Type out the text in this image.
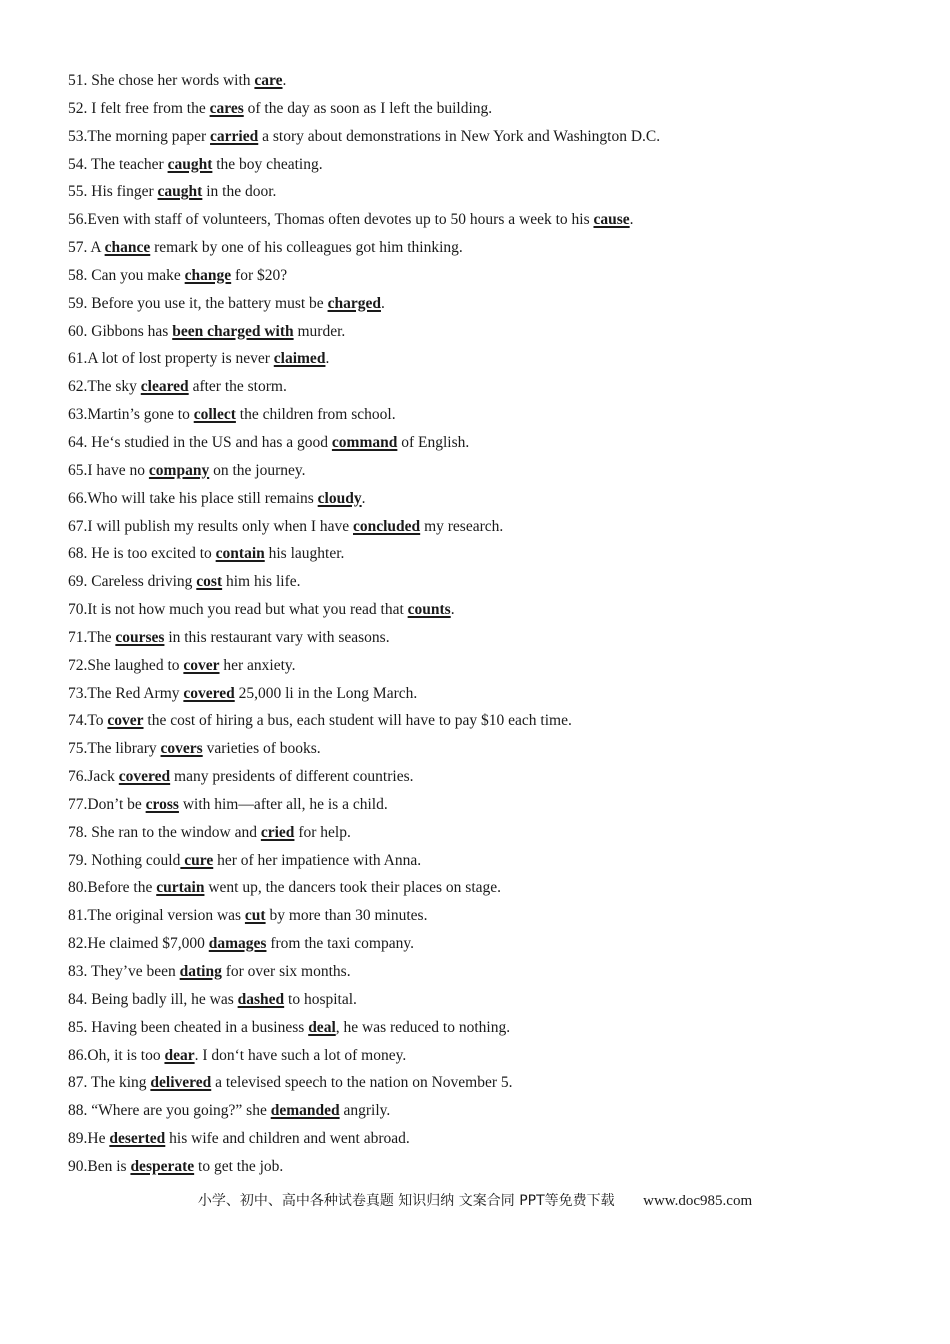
51. She chose her words with care.
52. I felt free from the cares of the day as soon as I left the building.
53.The morning paper carried a story about demonstrations in New York and Washington D.C.
54. The teacher caught the boy cheating.
55. His finger caught in the door.
56.Even with staff of volunteers, Thomas often devotes up to 50 hours a week to his cause.
57. A chance remark by one of his colleagues got him thinking.
58. Can you make change for $20?
59. Before you use it, the battery must be charged.
60. Gibbons has been charged with murder.
61.A lot of lost property is never claimed.
62.The sky cleared after the storm.
63.Martin’s gone to collect the children from school.
64. He‘s studied in the US and has a good command of English.
65.I have no company on the journey.
66.Who will take his place still remains cloudy.
67.I will publish my results only when I have concluded my research.
68. He is too excited to contain his laughter.
69. Careless driving cost him his life.
70.It is not how much you read but what you read that counts.
71.The courses in this restaurant vary with seasons.
72.She laughed to cover her anxiety.
73.The Red Army covered 25,000 li in the Long March.
74.To cover the cost of hiring a bus, each student will have to pay $10 each time.
75.The library covers varieties of books.
76.Jack covered many presidents of different countries.
77.Don’t be cross with him—after all, he is a child.
78. She ran to the window and cried for help.
79. Nothing could cure her of her impatience with Anna.
80.Before the curtain went up, the dancers took their places on stage.
81.The original version was cut by more than 30 minutes.
82.He claimed $7,000 damages from the taxi company.
83. They’ve been dating for over six months.
84. Being badly ill, he was dashed to hospital.
85. Having been cheated in a business deal, he was reduced to nothing.
86.Oh, it is too dear. I don‘t have such a lot of money.
87. The king delivered a televised speech to the nation on November 5.
88. “Where are you going?” she demanded angrily.
89.He deserted his wife and children and went abroad.
90.Ben is desperate to get the job.
小学、初中、高中各种试卷真题 知识归纳 文案合同 PPT等免费下载 www.doc985.com
